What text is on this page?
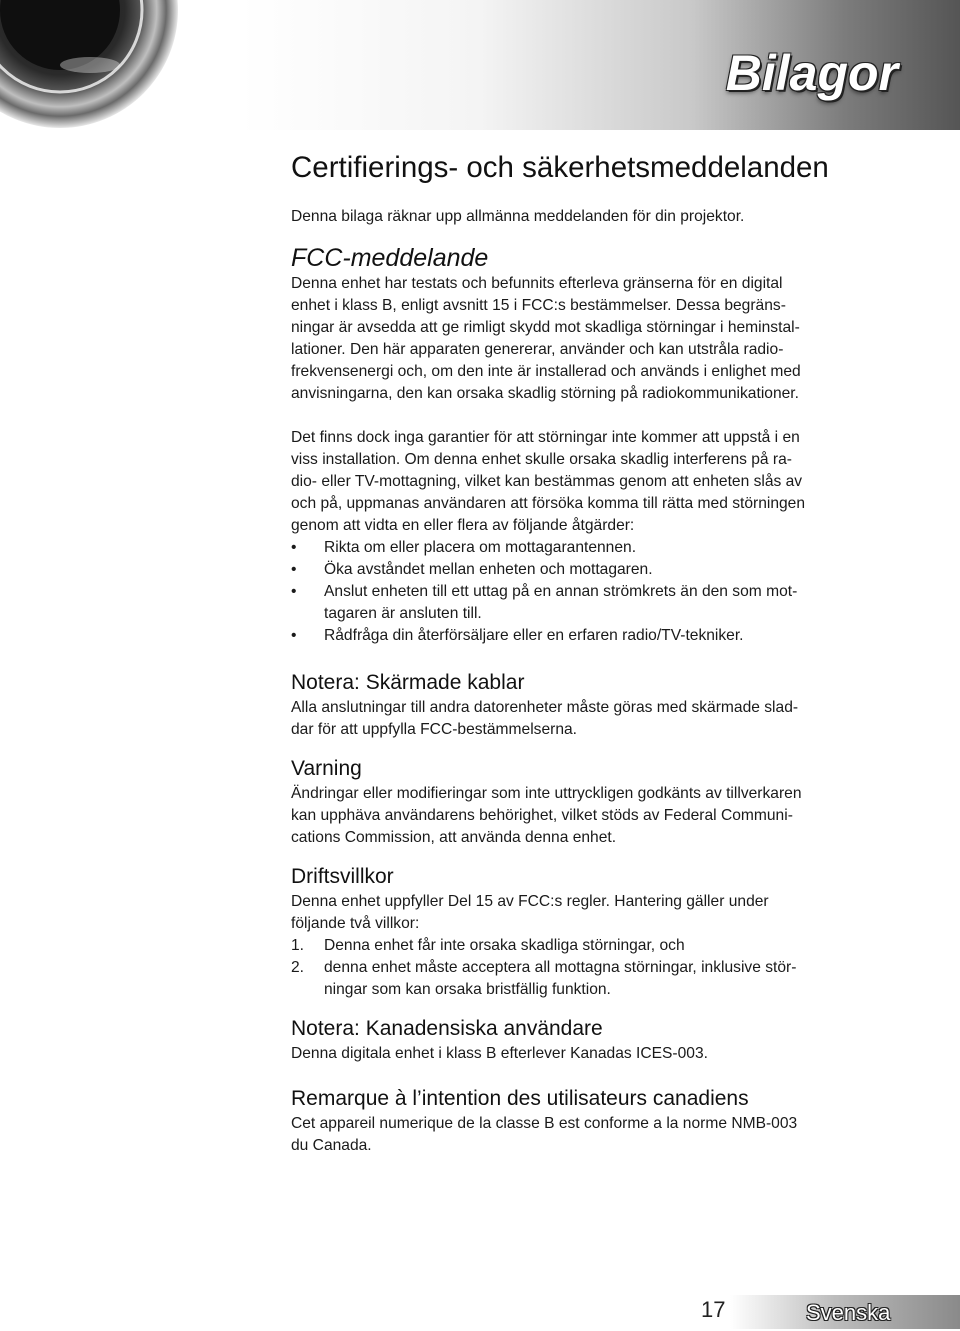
Bilagor
Certifierings- och säkerhetsmeddelanden

Denna bilaga räknar upp allmänna meddelanden för din projektor.

FCC-meddelande

Denna enhet har testats och befunnits efterleva gränserna för en digital
enhet i klass B, enligt avsnitt 15 i FCC:s bestämmelser. Dessa begräns-
ningar är avsedda att ge rimligt skydd mot skadliga störningar i heminstal-
lationer. Den här apparaten genererar, använder och kan utstråla radio-
frekvensenergi och, om den inte är installerad och används i enlighet med
anvisningarna, den kan orsaka skadlig störning på radiokommunikationer.

Det finns dock inga garantier för att störningar inte kommer att uppstå i en
viss installation. Om denna enhet skulle orsaka skadlig interferens på ra-
dio- eller TV-mottagning, vilket kan bestämmas genom att enheten slås av
och på, uppmanas användaren att försöka komma till rätta med störningen
genom att vidta en eller flera av följande åtgärder:

• Rikta om eller placera om mottagarantennen.
• Öka avståndet mellan enheten och mottagaren.
• Anslut enheten till ett uttag på en annan strömkrets än den som mot-
tagaren är ansluten till.
• Rådfråga din återförsäljare eller en erfaren radio/TV-tekniker.
Notera: Skärmade kablar

Alla anslutningar till andra datorenheter måste göras med skärmade slad-
dar för att uppfylla FCC-bestämmelserna.

Varning

Ändringar eller modifieringar som inte uttryckligen godkänts av tillverkaren
kan upphäva användarens behörighet, vilket stöds av Federal Communi-
cations Commission, att använda denna enhet.

Driftsvillkor

Denna enhet uppfyller Del 15 av FCC:s regler. Hantering gäller under
följande två villkor:

1. Denna enhet får inte orsaka skadliga störningar, och
2. denna enhet måste acceptera all mottagna störningar, inklusive stör-
ningar som kan orsaka bristfällig funktion.
Notera: Kanadensiska användare

Denna digitala enhet i klass B efterlever Kanadas ICES-003.

Remarque à l’intention des utilisateurs canadiens

Cet appareil numerique de la classe B est conforme a la norme NMB-003
du Canada.

17	Svenska
